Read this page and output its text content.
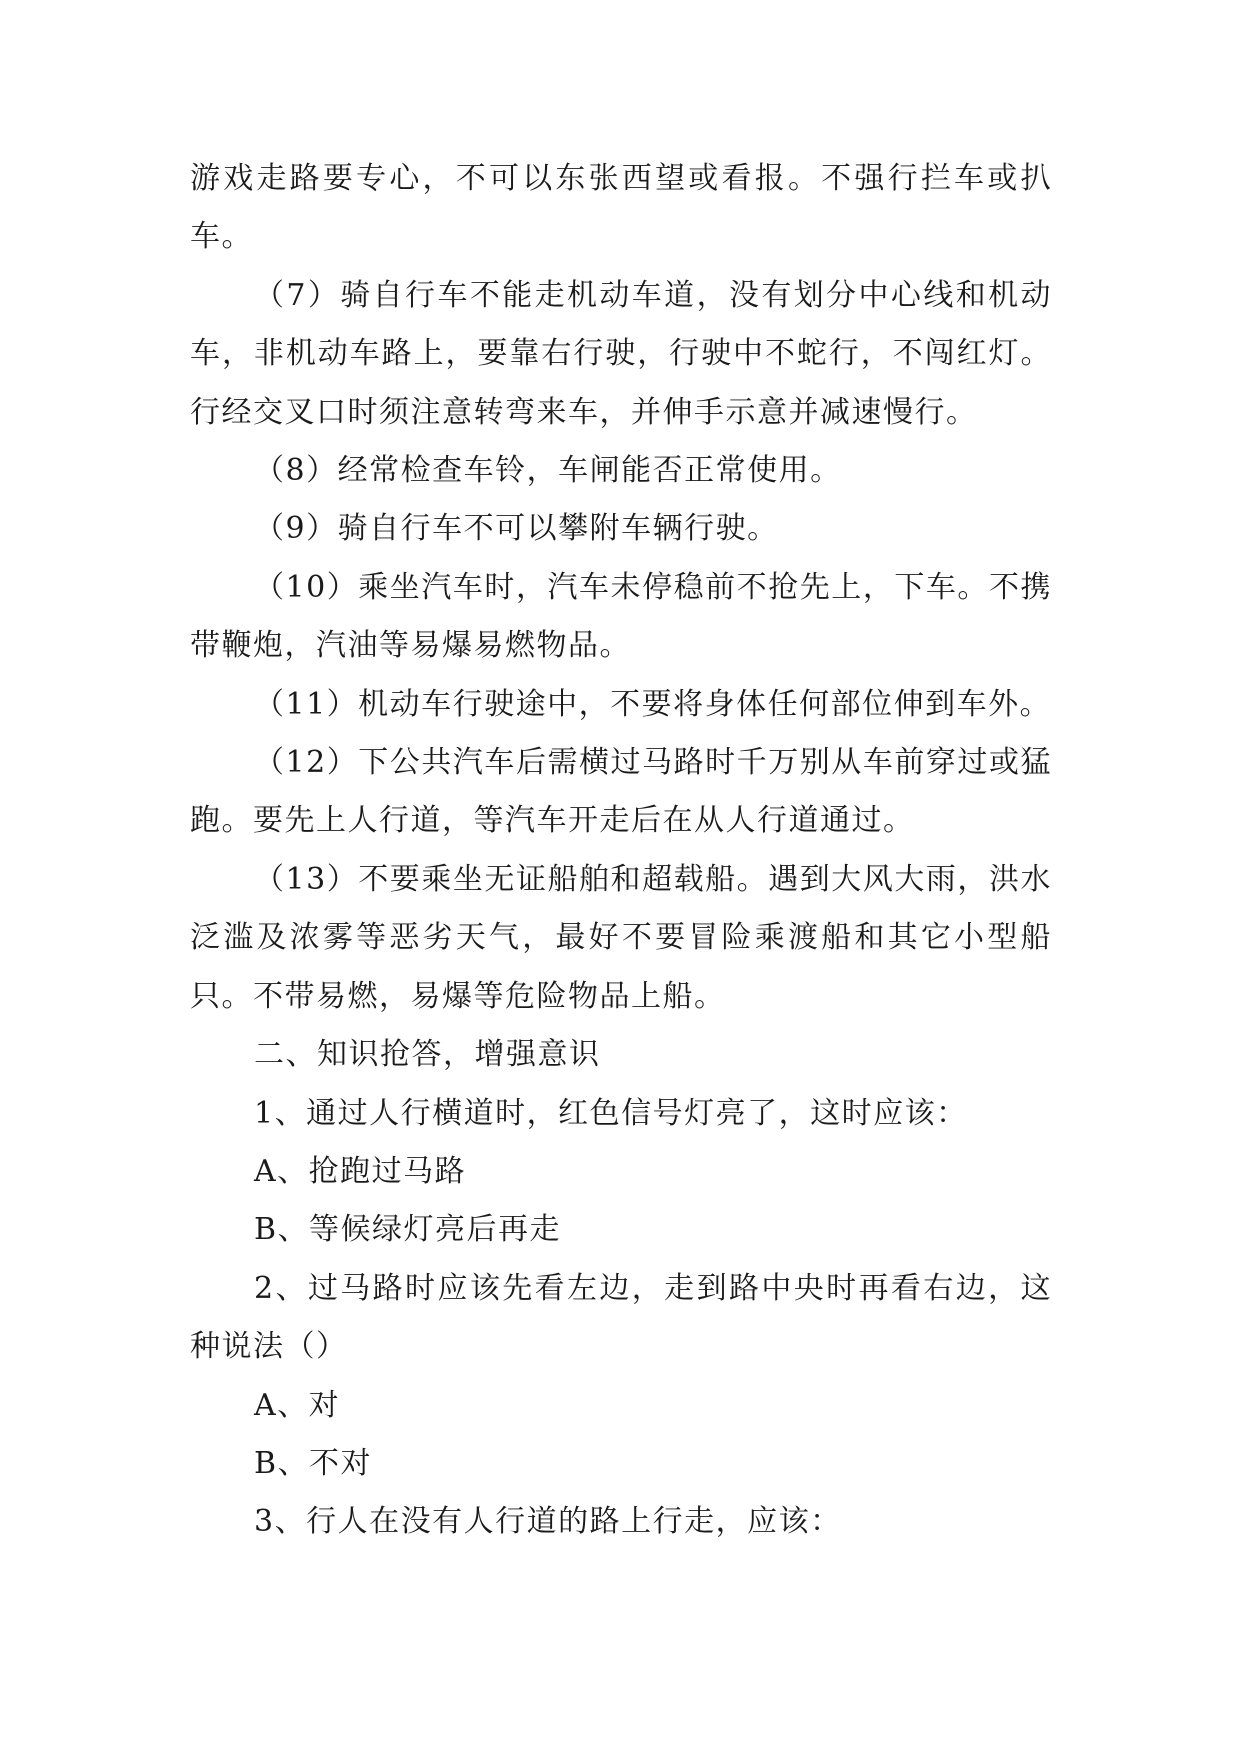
游戏走路要专心，不可以东张西望或看报。不强行拦车或扒车。

（7）骑自行车不能走机动车道，没有划分中心线和机动车，非机动车路上，要靠右行驶，行驶中不蛇行，不闯红灯。行经交叉口时须注意转弯来车，并伸手示意并减速慢行。

（8）经常检查车铃，车闸能否正常使用。

（9）骑自行车不可以攀附车辆行驶。

（10）乘坐汽车时，汽车未停稳前不抢先上，下车。不携带鞭炮，汽油等易爆易燃物品。

（11）机动车行驶途中，不要将身体任何部位伸到车外。

（12）下公共汽车后需横过马路时千万别从车前穿过或猛跑。要先上人行道，等汽车开走后在从人行道通过。

（13）不要乘坐无证船舶和超载船。遇到大风大雨，洪水泛滥及浓雾等恶劣天气，最好不要冒险乘渡船和其它小型船只。不带易燃，易爆等危险物品上船。

二、知识抢答，增强意识

1、通过人行横道时，红色信号灯亮了，这时应该：

A、抢跑过马路

B、等候绿灯亮后再走

2、过马路时应该先看左边，走到路中央时再看右边，这种说法（）

A、对

B、不对

3、行人在没有人行道的路上行走，应该：
